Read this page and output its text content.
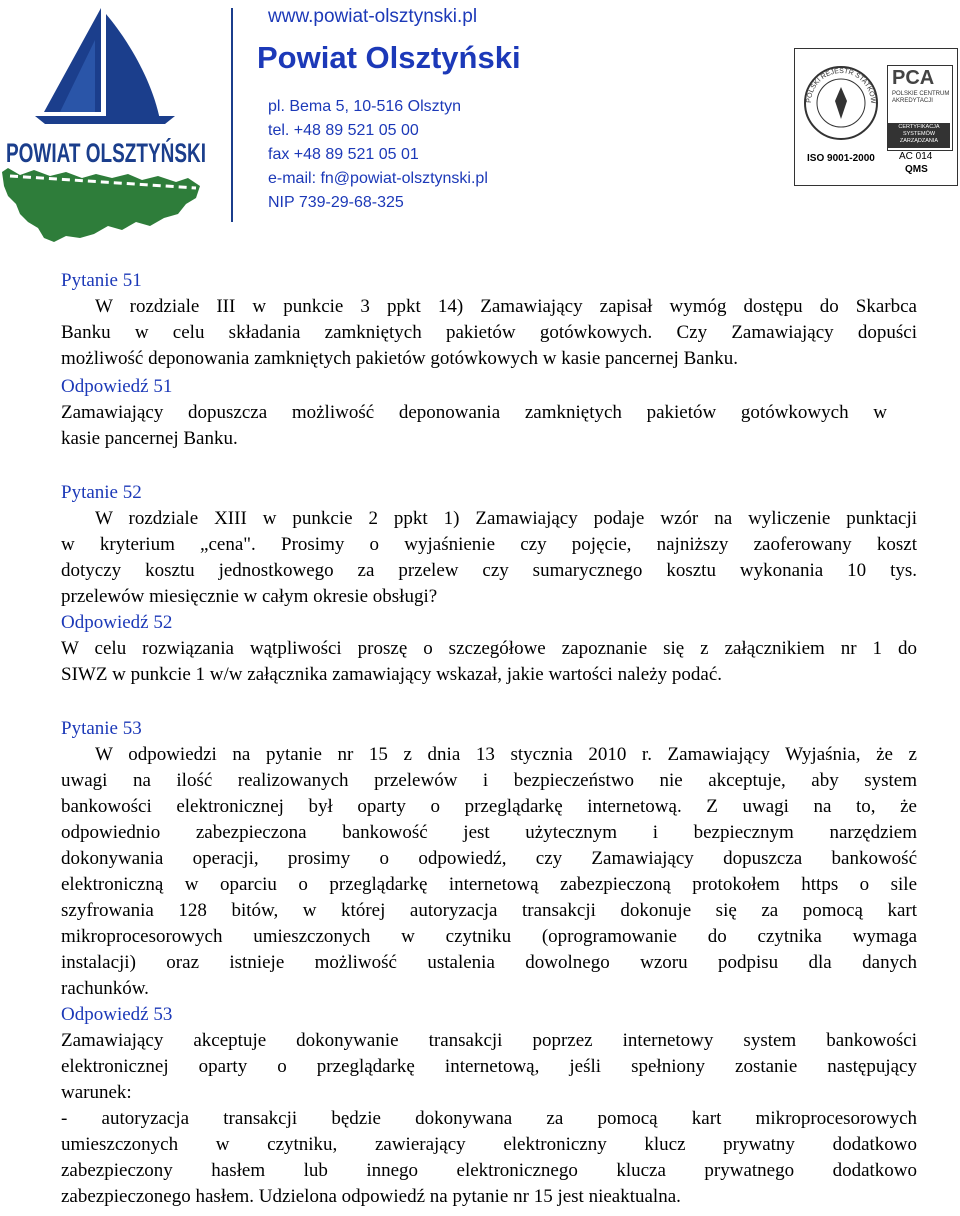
POWIAT OLSZTYŃSKI
www.powiat-olsztynski.pl
Powiat Olsztyński
pl. Bema 5, 10-516 Olsztyn
tel. +48 89 521 05 00
fax +48 89 521 05 01
e-mail: fn@powiat-olsztynski.pl
NIP 739-29-68-325
POLSKI REJESTR STATKÓW
ISO 9001-2000
PCA
POLSKIE CENTRUM
AKREDYTACJI
CERTYFIKACJA
SYSTEMÓW
ZARZĄDZANIA
AC 014
QMS
Pytanie 51
W rozdziale III w punkcie 3 ppkt 14) Zamawiający zapisał wymóg dostępu do Skarbca
Banku w celu składania zamkniętych pakietów gotówkowych. Czy Zamawiający dopuści
możliwość deponowania zamkniętych pakietów gotówkowych w kasie pancernej Banku.
Odpowiedź 51
Zamawiający dopuszcza możliwość deponowania zamkniętych pakietów gotówkowych w
kasie pancernej Banku.
Pytanie 52
W rozdziale XIII w punkcie 2 ppkt 1) Zamawiający podaje wzór na wyliczenie punktacji
w kryterium „cena". Prosimy o wyjaśnienie czy pojęcie, najniższy zaoferowany koszt
dotyczy kosztu jednostkowego za przelew czy sumarycznego kosztu wykonania 10 tys.
przelewów miesięcznie w całym okresie obsługi?
Odpowiedź 52
W celu rozwiązania wątpliwości proszę o szczegółowe zapoznanie się z załącznikiem nr 1 do
SIWZ w punkcie 1 w/w załącznika zamawiający wskazał, jakie wartości należy podać.
Pytanie 53
W odpowiedzi na pytanie nr 15 z dnia 13 stycznia 2010 r. Zamawiający Wyjaśnia, że z
uwagi na ilość realizowanych przelewów i bezpieczeństwo nie akceptuje, aby system
bankowości elektronicznej był oparty o przeglądarkę internetową. Z uwagi na to, że
odpowiednio zabezpieczona bankowość jest użytecznym i bezpiecznym narzędziem
dokonywania operacji, prosimy o odpowiedź, czy Zamawiający dopuszcza bankowość
elektroniczną w oparciu o przeglądarkę internetową zabezpieczoną protokołem https o sile
szyfrowania 128 bitów, w której autoryzacja transakcji dokonuje się za pomocą kart
mikroprocesorowych umieszczonych w czytniku (oprogramowanie do czytnika wymaga
instalacji) oraz istnieje możliwość ustalenia dowolnego wzoru podpisu dla danych
rachunków.
Odpowiedź 53
Zamawiający akceptuje dokonywanie transakcji poprzez internetowy system bankowości
elektronicznej oparty o przeglądarkę internetową, jeśli spełniony zostanie następujący
warunek:
- autoryzacja transakcji będzie dokonywana za pomocą kart mikroprocesorowych
umieszczonych w czytniku, zawierający elektroniczny klucz prywatny dodatkowo
zabezpieczony hasłem lub innego elektronicznego klucza prywatnego dodatkowo
zabezpieczonego hasłem. Udzielona odpowiedź na pytanie nr 15 jest nieaktualna.
